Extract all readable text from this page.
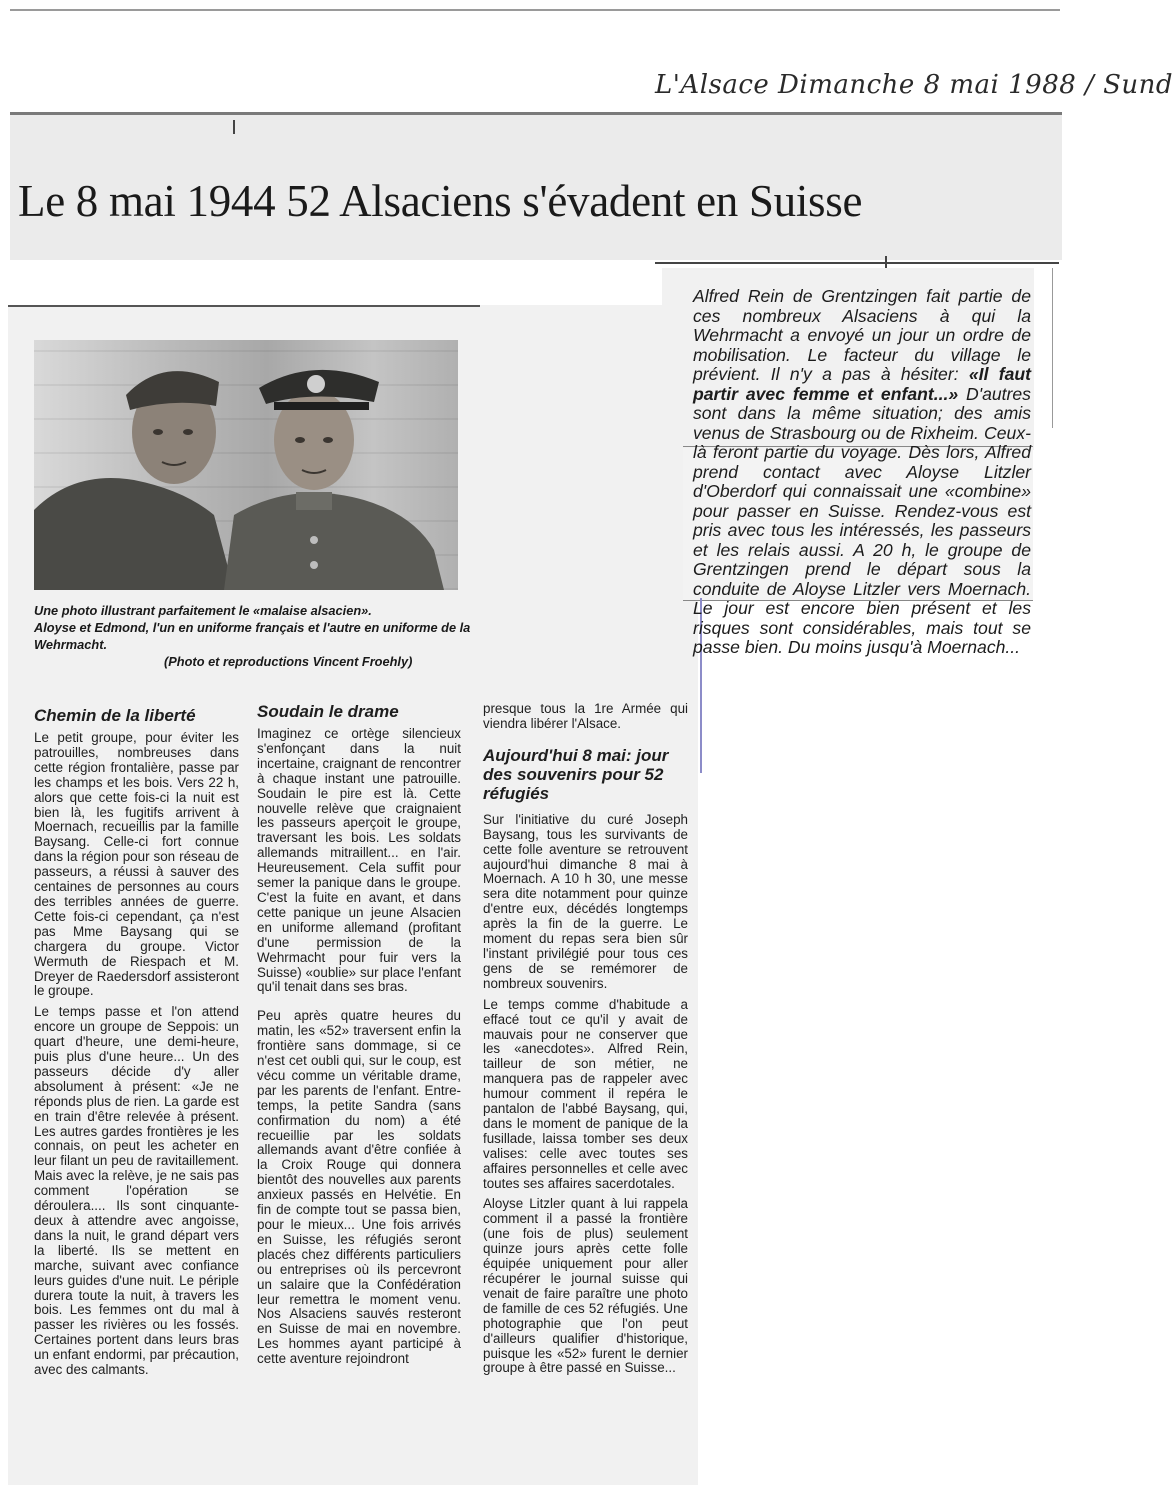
L'Alsace Dimanche 8 mai 1988 / Sund
Le 8 mai 1944 52 Alsaciens s'évadent en Suisse
Une photo illustrant parfaitement le «malaise alsacien».
Aloyse et Edmond, l'un en uniforme français et l'autre en uniforme de la Wehrmacht.

(Photo et reproductions Vincent Froehly)
Chemin de la liberté

Le petit groupe, pour éviter les patrouilles, nombreuses dans cette région frontalière, passe par les champs et les bois. Vers 22 h, alors que cette fois-ci la nuit est bien là, les fugitifs arrivent à Moernach, recueillis par la famille Baysang. Celle-ci fort connue dans la région pour son réseau de passeurs, a réussi à sauver des centaines de personnes au cours des terribles années de guerre. Cette fois-ci cependant, ça n'est pas Mme Baysang qui se chargera du groupe. Victor Wermuth de Riespach et M. Dreyer de Raedersdorf assisteront le groupe.

Le temps passe et l'on attend encore un groupe de Seppois: un quart d'heure, une demi-heure, puis plus d'une heure... Un des passeurs décide d'y aller absolument à présent: «Je ne réponds plus de rien. La garde est en train d'être relevée à présent. Les autres gardes frontières je les connais, on peut les acheter en leur filant un peu de ravitaillement. Mais avec la relève, je ne sais pas comment l'opération se déroulera.... Ils sont cinquante-deux à attendre avec angoisse, dans la nuit, le grand départ vers la liberté. Ils se mettent en marche, suivant avec confiance leurs guides d'une nuit. Le périple durera toute la nuit, à travers les bois. Les femmes ont du mal à passer les rivières ou les fossés. Certaines portent dans leurs bras un enfant endormi, par précaution, avec des calmants.

Soudain le drame

Imaginez ce ortège silencieux s'enfonçant dans la nuit incertaine, craignant de rencontrer à chaque instant une patrouille. Soudain le pire est là. Cette nouvelle relève que craignaient les passeurs aperçoit le groupe, traversant les bois. Les soldats allemands mitraillent... en l'air. Heureusement. Cela suffit pour semer la panique dans le groupe. C'est la fuite en avant, et dans cette panique un jeune Alsacien en uniforme allemand (profitant d'une permission de la Wehrmacht pour fuir vers la Suisse) «oublie» sur place l'enfant qu'il tenait dans ses bras.

Peu après quatre heures du matin, les «52» traversent enfin la frontière sans dommage, si ce n'est cet oubli qui, sur le coup, est vécu comme un véritable drame, par les parents de l'enfant. Entre-temps, la petite Sandra (sans confirmation du nom) a été recueillie par les soldats allemands avant d'être confiée à la Croix Rouge qui donnera bientôt des nouvelles aux parents anxieux passés en Helvétie. En fin de compte tout se passa bien, pour le mieux... Une fois arrivés en Suisse, les réfugiés seront placés chez différents particuliers ou entreprises où ils percevront un salaire que la Confédération leur remettra le moment venu. Nos Alsaciens sauvés resteront en Suisse de mai en novembre. Les hommes ayant participé à cette aventure rejoindront

presque tous la 1re Armée qui viendra libérer l'Alsace.

Aujourd'hui 8 mai: jour des souvenirs pour 52 réfugiés

Sur l'initiative du curé Joseph Baysang, tous les survivants de cette folle aventure se retrouvent aujourd'hui dimanche 8 mai à Moernach. A 10 h 30, une messe sera dite notamment pour quinze d'entre eux, décédés longtemps après la fin de la guerre. Le moment du repas sera bien sûr l'instant privilégié pour tous ces gens de se remémorer de nombreux souvenirs.

Le temps comme d'habitude a effacé tout ce qu'il y avait de mauvais pour ne conserver que les «anecdotes». Alfred Rein, tailleur de son métier, ne manquera pas de rappeler avec humour comment il repéra le pantalon de l'abbé Baysang, qui, dans le moment de panique de la fusillade, laissa tomber ses deux valises: celle avec toutes ses affaires personnelles et celle avec toutes ses affaires sacerdotales.

Aloyse Litzler quant à lui rappela comment il a passé la frontière (une fois de plus) seulement quinze jours après cette folle équipée uniquement pour aller récupérer le journal suisse qui venait de faire paraître une photo de famille de ces 52 réfugiés. Une photographie que l'on peut d'ailleurs qualifier d'historique, puisque les «52» furent le dernier groupe à être passé en Suisse...

Alfred Rein de Grentzingen fait partie de ces nombreux Alsaciens à qui la Wehrmacht a envoyé un jour un ordre de mobilisation. Le facteur du village le prévient. Il n'y a pas à hésiter: «Il faut partir avec femme et enfant...» D'autres sont dans la même situation; des amis venus de Strasbourg ou de Rixheim. Ceux-là feront partie du voyage. Dès lors, Alfred prend contact avec Aloyse Litzler d'Oberdorf qui connaissait une «combine» pour passer en Suisse. Rendez-vous est pris avec tous les intéressés, les passeurs et les relais aussi. A 20 h, le groupe de Grentzingen prend le départ sous la conduite de Aloyse Litzler vers Moernach. Le jour est encore bien présent et les risques sont considérables, mais tout se passe bien. Du moins jusqu'à Moernach...
